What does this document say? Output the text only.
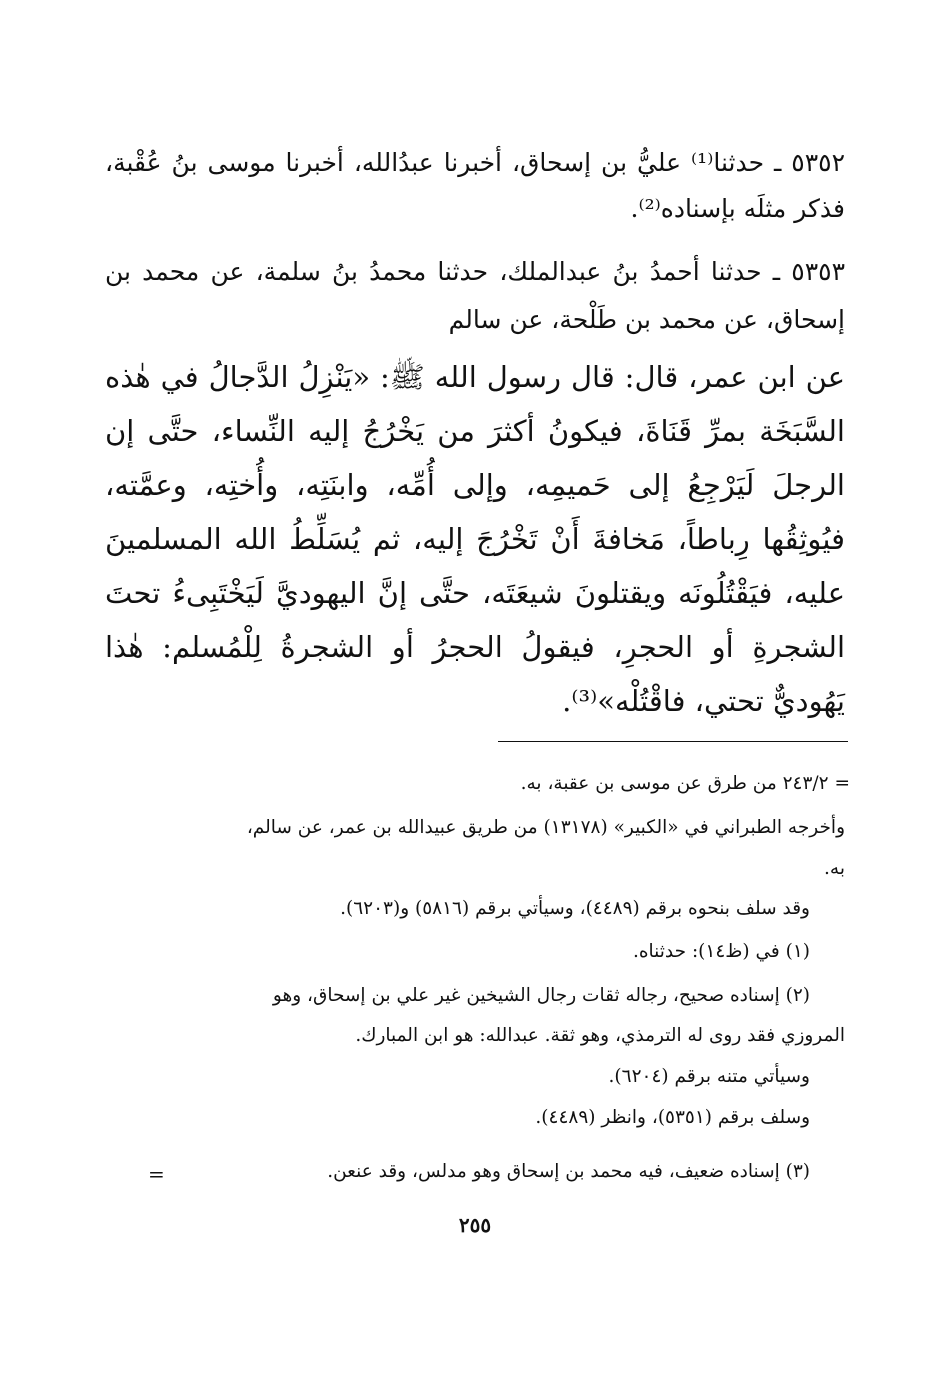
٥٣٥٢ ـ حدثنا⁽¹⁾ عليُّ بن إسحاق، أخبرنا عبدُالله، أخبرنا موسى بنُ عُقْبة، فذكر مثلَه بإسناده⁽²⁾.
٥٣٥٣ ـ حدثنا أحمدُ بنُ عبدالملك، حدثنا محمدُ بنُ سلمة، عن محمد بن إسحاق، عن محمد بن طَلْحة، عن سالم
عن ابن عمر، قال: قال رسول الله ﷺ: «يَنْزِلُ الدَّجالُ في هٰذه السَّبَخَة بمرِّ قَنَاةَ، فيكونُ أكثرَ من يَخْرُجُ إليه النِّساء، حتَّى إن الرجلَ لَيَرْجِعُ إلى حَميمِه، وإلى أُمِّه، وابنَتِه، وأُختِه، وعمَّته، فيُوثِقُها رِباطاً، مَخافةَ أَنْ تَخْرُجَ إليه، ثم يُسَلِّطُ الله المسلمينَ عليه، فيَقْتُلُونَه ويقتلونَ شيعَتَه، حتَّى إنَّ اليهوديَّ لَيَخْتَبِىءُ تحتَ الشجرةِ أو الحجرِ، فيقولُ الحجرُ أو الشجرةُ لِلْمُسلم: هٰذا يَهُوديٌّ تحتي، فاقْتُلْه»⁽³⁾.
= ٢٤٣/٢ من طرق عن موسى بن عقبة، به.
وأخرجه الطبراني في «الكبير» (١٣١٧٨) من طريق عبيدالله بن عمر، عن سالم،
به.
وقد سلف بنحوه برقم (٤٤٨٩)، وسيأتي برقم (٥٨١٦) و(٦٢٠٣).
(١) في (ظ١٤): حدثناه.
(٢) إسناده صحيح، رجاله ثقات رجال الشيخين غير علي بن إسحاق، وهو
المروزي فقد روى له الترمذي، وهو ثقة. عبدالله: هو ابن المبارك.
وسيأتي متنه برقم (٦٢٠٤).
وسلف برقم (٥٣٥١)، وانظر (٤٤٨٩).
(٣) إسناده ضعيف، فيه محمد بن إسحاق وهو مدلس، وقد عنعن.
=
٢٥٥
